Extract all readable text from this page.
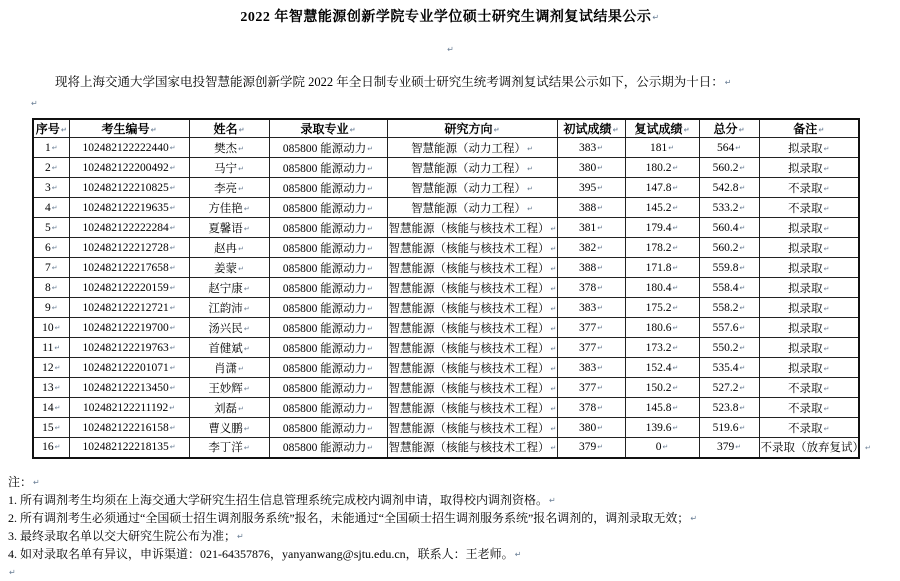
2022 年智慧能源创新学院专业学位硕士研究生调剂复试结果公示↵
↵
现将上海交通大学国家电投智慧能源创新学院 2022 年全日制专业硕士研究生统考调剂复试结果公示如下，公示期为十日：↵
↵
序号↵	考生编号↵	姓名↵	录取专业↵	研究方向↵	初试成绩↵	复试成绩↵	总分↵	备注↵
1↵	102482122222440↵	樊杰↵	085800 能源动力↵	智慧能源（动力工程）↵	383↵	181↵	564↵	拟录取↵
2↵	102482122200492↵	马宁↵	085800 能源动力↵	智慧能源（动力工程）↵	380↵	180.2↵	560.2↵	拟录取↵
3↵	102482122210825↵	李亮↵	085800 能源动力↵	智慧能源（动力工程）↵	395↵	147.8↵	542.8↵	不录取↵
4↵	102482122219635↵	方佳艳↵	085800 能源动力↵	智慧能源（动力工程）↵	388↵	145.2↵	533.2↵	不录取↵
5↵	102482122222284↵	夏馨语↵	085800 能源动力↵	智慧能源（核能与核技术工程）↵	381↵	179.4↵	560.4↵	拟录取↵
6↵	102482122212728↵	赵冉↵	085800 能源动力↵	智慧能源（核能与核技术工程）↵	382↵	178.2↵	560.2↵	拟录取↵
7↵	102482122217658↵	姜蒙↵	085800 能源动力↵	智慧能源（核能与核技术工程）↵	388↵	171.8↵	559.8↵	拟录取↵
8↵	102482122220159↵	赵宁康↵	085800 能源动力↵	智慧能源（核能与核技术工程）↵	378↵	180.4↵	558.4↵	拟录取↵
9↵	102482122212721↵	江韵沛↵	085800 能源动力↵	智慧能源（核能与核技术工程）↵	383↵	175.2↵	558.2↵	拟录取↵
10↵	102482122219700↵	汤兴民↵	085800 能源动力↵	智慧能源（核能与核技术工程）↵	377↵	180.6↵	557.6↵	拟录取↵
11↵	102482122219763↵	首健斌↵	085800 能源动力↵	智慧能源（核能与核技术工程）↵	377↵	173.2↵	550.2↵	拟录取↵
12↵	102482122201071↵	肖潇↵	085800 能源动力↵	智慧能源（核能与核技术工程）↵	383↵	152.4↵	535.4↵	拟录取↵
13↵	102482122213450↵	王妙辉↵	085800 能源动力↵	智慧能源（核能与核技术工程）↵	377↵	150.2↵	527.2↵	不录取↵
14↵	102482122211192↵	刘磊↵	085800 能源动力↵	智慧能源（核能与核技术工程）↵	378↵	145.8↵	523.8↵	不录取↵
15↵	102482122216158↵	曹义鹏↵	085800 能源动力↵	智慧能源（核能与核技术工程）↵	380↵	139.6↵	519.6↵	不录取↵
16↵	102482122218135↵	李丁洋↵	085800 能源动力↵	智慧能源（核能与核技术工程）↵	379↵	0↵	379↵	不录取（放弃复试）↵
注：↵
1. 所有调剂考生均须在上海交通大学研究生招生信息管理系统完成校内调剂申请，取得校内调剂资格。↵
2. 所有调剂考生必须通过“全国硕士招生调剂服务系统”报名，未能通过“全国硕士招生调剂服务系统”报名调剂的，调剂录取无效；↵
3. 最终录取名单以交大研究生院公布为准；↵
4. 如对录取名单有异议，申诉渠道：021-64357876，yanyanwang@sjtu.edu.cn，联系人：王老师。↵
↵
